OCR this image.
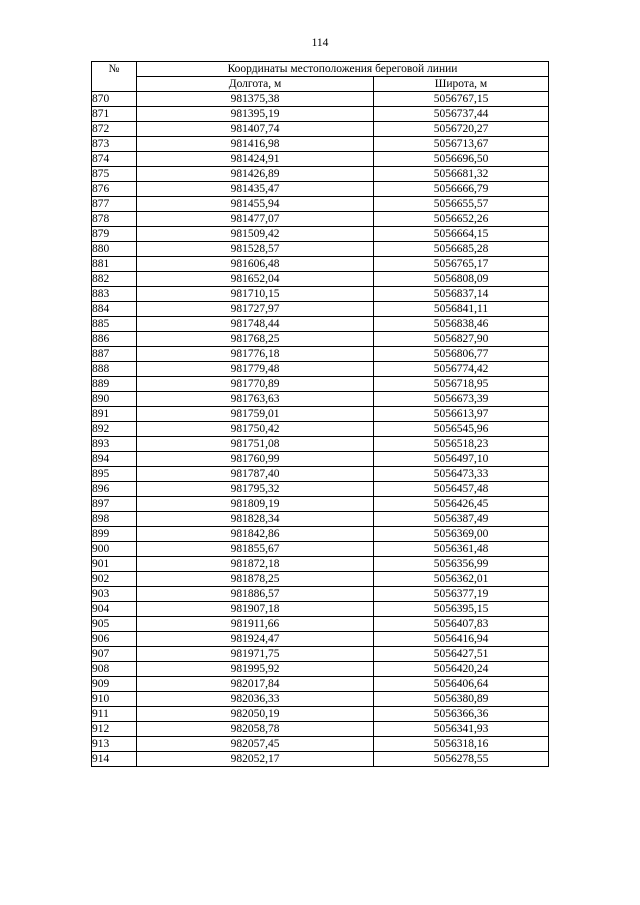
114
№	Координаты местоположения береговой линии	
	Долгота, м	Широта, м
870	981375,38	5056767,15
871	981395,19	5056737,44
872	981407,74	5056720,27
873	981416,98	5056713,67
874	981424,91	5056696,50
875	981426,89	5056681,32
876	981435,47	5056666,79
877	981455,94	5056655,57
878	981477,07	5056652,26
879	981509,42	5056664,15
880	981528,57	5056685,28
881	981606,48	5056765,17
882	981652,04	5056808,09
883	981710,15	5056837,14
884	981727,97	5056841,11
885	981748,44	5056838,46
886	981768,25	5056827,90
887	981776,18	5056806,77
888	981779,48	5056774,42
889	981770,89	5056718,95
890	981763,63	5056673,39
891	981759,01	5056613,97
892	981750,42	5056545,96
893	981751,08	5056518,23
894	981760,99	5056497,10
895	981787,40	5056473,33
896	981795,32	5056457,48
897	981809,19	5056426,45
898	981828,34	5056387,49
899	981842,86	5056369,00
900	981855,67	5056361,48
901	981872,18	5056356,99
902	981878,25	5056362,01
903	981886,57	5056377,19
904	981907,18	5056395,15
905	981911,66	5056407,83
906	981924,47	5056416,94
907	981971,75	5056427,51
908	981995,92	5056420,24
909	982017,84	5056406,64
910	982036,33	5056380,89
911	982050,19	5056366,36
912	982058,78	5056341,93
913	982057,45	5056318,16
914	982052,17	5056278,55
